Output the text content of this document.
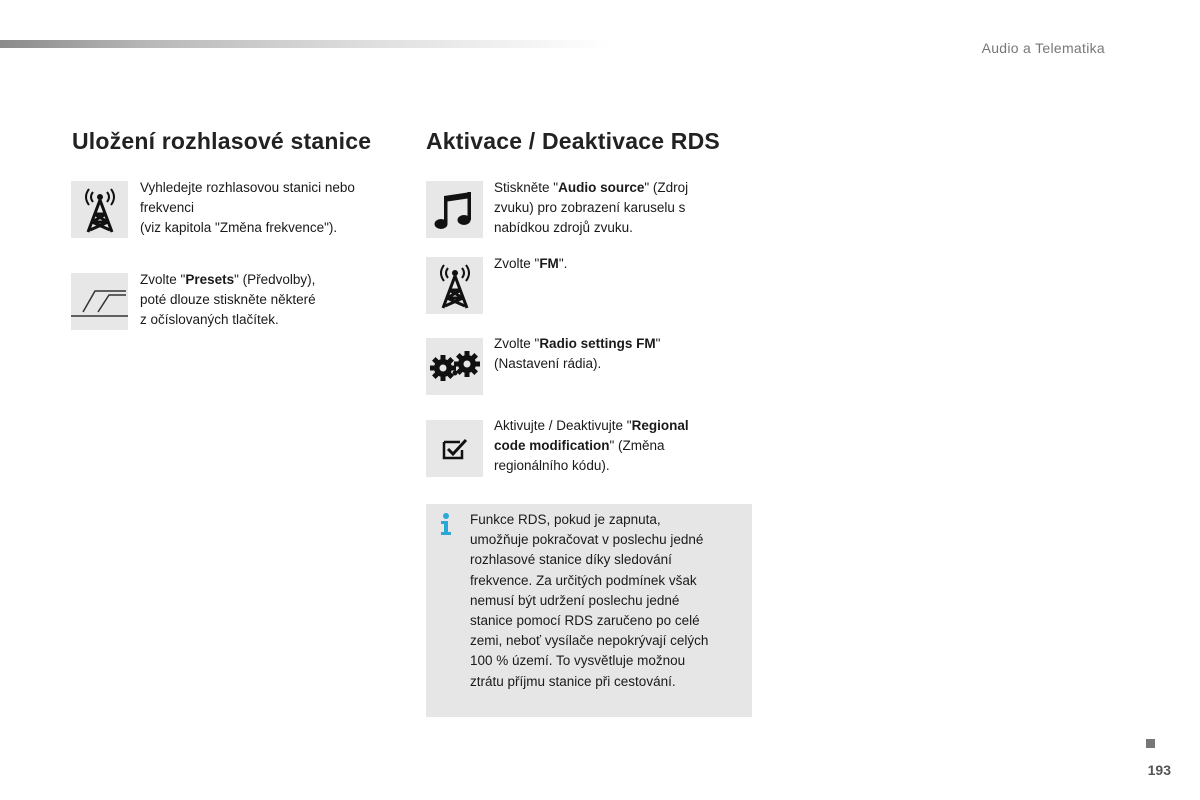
Audio a Telematika
Uložení rozhlasové stanice

Vyhledejte rozhlasovou stanici nebo

frekvenci

(viz kapitola "Změna frekvence").

Zvolte "Presets" (Předvolby),

poté dlouze stiskněte některé

z očíslovaných tlačítek.

Aktivace / Deaktivace RDS

Stiskněte "Audio source" (Zdroj

zvuku) pro zobrazení karuselu s

nabídkou zdrojů zvuku.

Zvolte "FM".

Zvolte "Radio settings FM"

(Nastavení rádia).

Aktivujte / Deaktivujte "Regional

code modification" (Změna

regionálního kódu).

Funkce RDS, pokud je zapnuta,
umožňuje pokračovat v poslechu jedné
rozhlasové stanice díky sledování
frekvence. Za určitých podmínek však
nemusí být udržení poslechu jedné
stanice pomocí RDS zaručeno po celé
zemi, neboť vysílače nepokrývají celých
100 % území. To vysvětluje možnou
ztrátu příjmu stanice při cestování.
193
